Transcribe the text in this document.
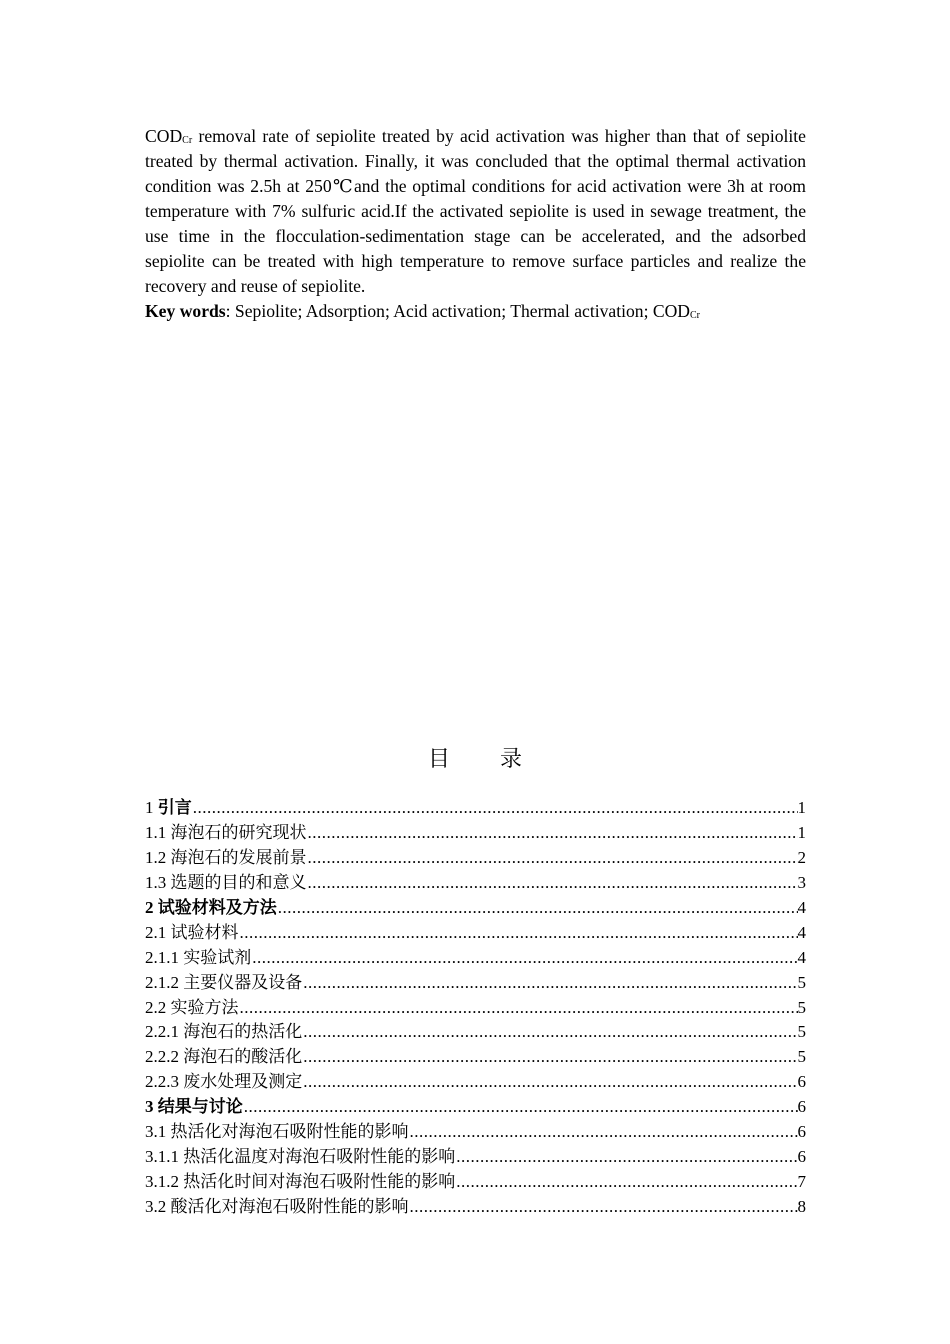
$COD_{Cr}$ removal rate of sepiolite treated by acid activation was higher than that of sepiolite treated by thermal activation. Finally, it was concluded that the optimal thermal activation condition was 2.5h at 250℃and the optimal conditions for acid activation were 3h at room temperature with 7% sulfuric acid.If the activated sepiolite is used in sewage treatment, the use time in the flocculation-sedimentation stage can be accelerated, and the adsorbed sepiolite can be treated with high temperature to remove surface particles and realize the recovery and reuse of sepiolite.

Key words: Sepiolite; Adsorption; Acid activation; Thermal activation; $COD_{Cr}$

目 录
1 引言 .....	1
1.1 海泡石的研究现状 .....	1
1.2 海泡石的发展前景 .....	2
1.3 选题的目的和意义 .....	3
2 试验材料及方法 .....	4
2.1 试验材料 .....	4
2.1.1 实验试剂 .....	4
2.1.2 主要仪器及设备 .....	5
2.2 实验方法 .....	5
2.2.1 海泡石的热活化 .....	5
2.2.2 海泡石的酸活化 .....	5
2.2.3 废水处理及测定 .....	6
3 结果与讨论 .....	6
3.1 热活化对海泡石吸附性能的影响 .....	6
3.1.1 热活化温度对海泡石吸附性能的影响 .....	6
3.1.2 热活化时间对海泡石吸附性能的影响 .....	7
3.2 酸活化对海泡石吸附性能的影响 .....	8
